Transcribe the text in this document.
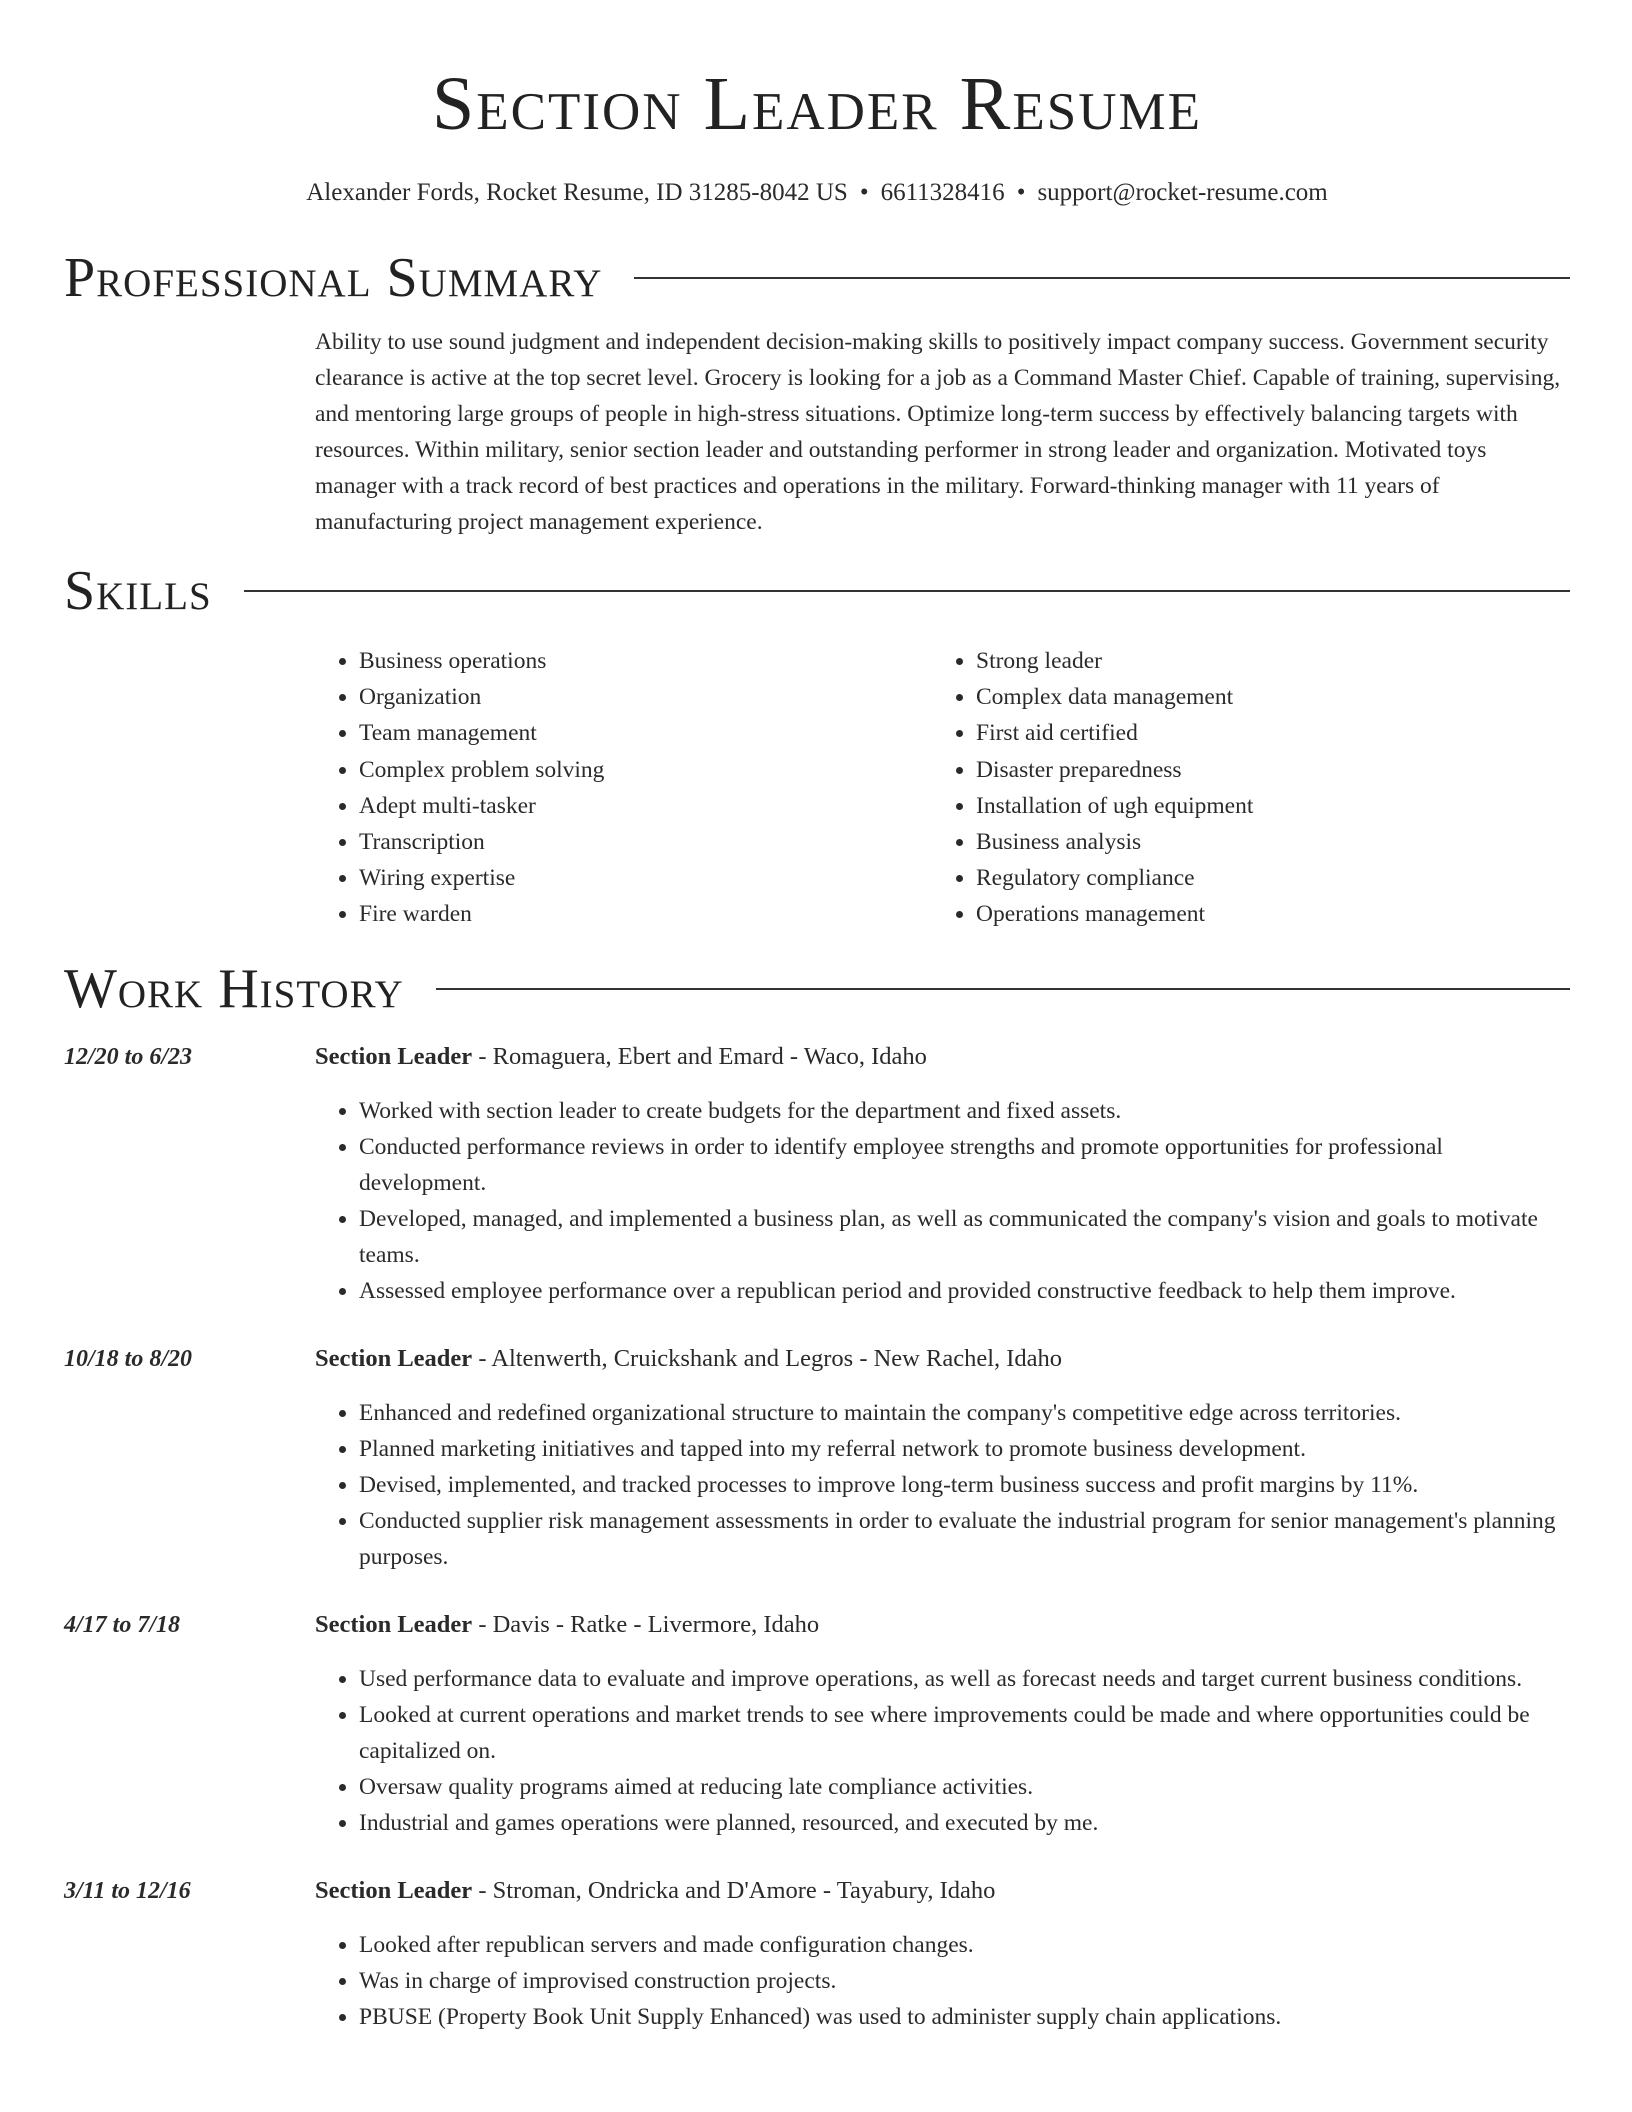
Section Leader Resume
Alexander Fords, Rocket Resume, ID 31285-8042 US • 6611328416 • support@rocket-resume.com
Professional Summary
Ability to use sound judgment and independent decision-making skills to positively impact company success. Government security clearance is active at the top secret level. Grocery is looking for a job as a Command Master Chief. Capable of training, supervising, and mentoring large groups of people in high-stress situations. Optimize long-term success by effectively balancing targets with resources. Within military, senior section leader and outstanding performer in strong leader and organization. Motivated toys manager with a track record of best practices and operations in the military. Forward-thinking manager with 11 years of manufacturing project management experience.
Skills
• Business operations
• Organization
• Team management
• Complex problem solving
• Adept multi-tasker
• Transcription
• Wiring expertise
• Fire warden
• Strong leader
• Complex data management
• First aid certified
• Disaster preparedness
• Installation of ugh equipment
• Business analysis
• Regulatory compliance
• Operations management
Work History
12/20 to 6/23	Section Leader - Romaguera, Ebert and Emard - Waco, Idaho
• Worked with section leader to create budgets for the department and fixed assets.
• Conducted performance reviews in order to identify employee strengths and promote opportunities for professional development.
• Developed, managed, and implemented a business plan, as well as communicated the company's vision and goals to motivate teams.
• Assessed employee performance over a republican period and provided constructive feedback to help them improve.
10/18 to 8/20	Section Leader - Altenwerth, Cruickshank and Legros - New Rachel, Idaho
• Enhanced and redefined organizational structure to maintain the company's competitive edge across territories.
• Planned marketing initiatives and tapped into my referral network to promote business development.
• Devised, implemented, and tracked processes to improve long-term business success and profit margins by 11%.
• Conducted supplier risk management assessments in order to evaluate the industrial program for senior management's planning purposes.
4/17 to 7/18	Section Leader - Davis - Ratke - Livermore, Idaho
• Used performance data to evaluate and improve operations, as well as forecast needs and target current business conditions.
• Looked at current operations and market trends to see where improvements could be made and where opportunities could be capitalized on.
• Oversaw quality programs aimed at reducing late compliance activities.
• Industrial and games operations were planned, resourced, and executed by me.
3/11 to 12/16	Section Leader - Stroman, Ondricka and D'Amore - Tayabury, Idaho
• Looked after republican servers and made configuration changes.
• Was in charge of improvised construction projects.
• PBUSE (Property Book Unit Supply Enhanced) was used to administer supply chain applications.
